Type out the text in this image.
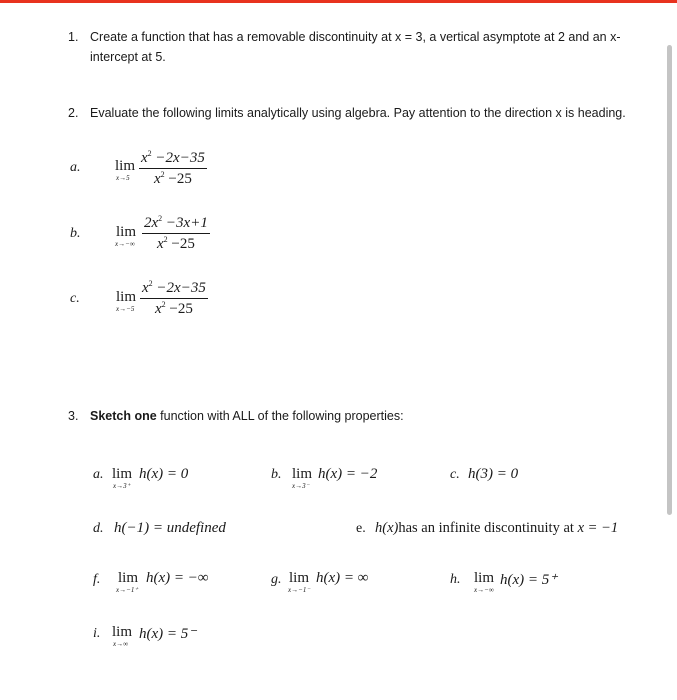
1. Create a function that has a removable discontinuity at x = 3, a vertical asymptote at 2 and an x-
intercept at 5.
2. Evaluate the following limits analytically using algebra. Pay attention to the direction x is heading.
a. lim
x→5
$x^2 -2x-35$
$x^2 -25$
b. lim
x→−∞
$2x^2 -3x+1$
$x^2 -25$
c. lim
x→−5
$x^2 -2x-35$
$x^2 -25$
3. Sketch one function with ALL of the following properties:
a. lim
x→3⁺
h(x) = 0	b. lim
x→3⁻
h(x) = −2	c. h(3) = 0
d. h(−1) = undefined	e. h(x)has an infinite discontinuity at x = −1
f. lim
x→−1⁺
h(x) = −∞	g. lim
x→−1⁻
h(x) = ∞	h. lim
x→−∞
h(x) = 5⁺
i. lim
x→∞
h(x) = 5⁻
